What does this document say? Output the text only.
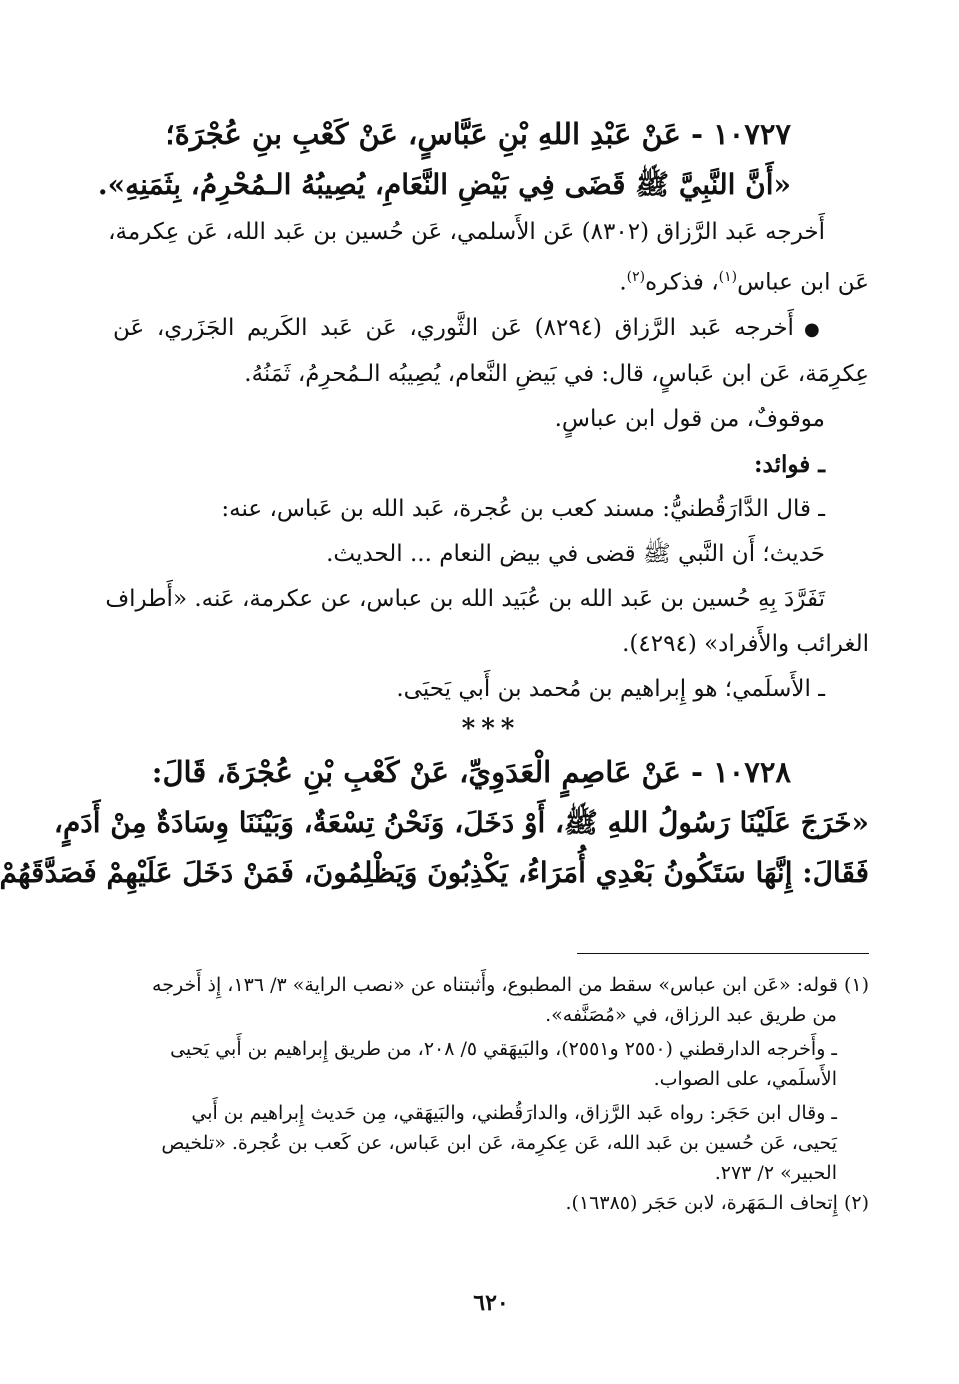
١٠٧٢٧ - عَنْ عَبْدِ اللهِ بْنِ عَبَّاسٍ، عَنْ كَعْبِ بنِ عُجْرَةَ؛
«أَنَّ النَّبِيَّ ﷺ قَضَى فِي بَيْضِ النَّعَامِ، يُصِيبُهُ الـمُحْرِمُ، بِثَمَنِهِ».
أَخرجه عَبد الرَّزاق (٨٣٠٢) عَن الأَسلمي، عَن حُسين بن عَبد الله، عَن عِكرمة،
عَن ابن عباس$^{(١)}$، فذكره$^{(٢)}$.
●أَخرجه عَبد الرَّزاق (٨٢٩٤) عَن الثَّوري، عَن عَبد الكَريم الجَزَري، عَن
عِكرِمَة، عَن ابن عَباسٍ، قال: في بَيضِ النَّعام، يُصِيبُه الـمُحرِمُ، ثَمَنُهُ.
موقوفٌ، من قول ابن عباسٍ.
ـ فوائد:
ـ قال الدَّارَقُطنيُّ: مسند كعب بن عُجرة، عَبد الله بن عَباس، عنه:
حَديث؛ أَن النَّبي ﷺ قضى في بيض النعام ... الحديث.
تَفَرَّدَ بِهِ حُسين بن عَبد الله بن عُبَيد الله بن عباس، عن عكرمة، عَنه. «أَطراف
الغرائب والأَفراد» (٤٢٩٤).
ـ الأَسلَمي؛ هو إِبراهيم بن مُحمد بن أَبي يَحيَى.
***
١٠٧٢٨ - عَنْ عَاصِمٍ الْعَدَوِيِّ، عَنْ كَعْبِ بْنِ عُجْرَةَ، قَالَ:
«خَرَجَ عَلَيْنَا رَسُولُ اللهِ ﷺ، أَوْ دَخَلَ، وَنَحْنُ تِسْعَةٌ، وَبَيْنَنَا وِسَادَةٌ مِنْ أَدَمٍ،
فَقَالَ: إِنَّهَا سَتَكُونُ بَعْدِي أُمَرَاءُ، يَكْذِبُونَ وَيَظْلِمُونَ، فَمَنْ دَخَلَ عَلَيْهِمْ فَصَدَّقَهُمْ
(١) قوله: «عَن ابن عباس» سقط من المطبوع، وأَثبتناه عن «نصب الراية» ٣/ ١٣٦، إِذ أَخرجه
من طريق عبد الرزاق، في «مُصَنَّفه».
ـ وأَخرجه الدارقطني (٢٥٥٠ و٢٥٥١)، والبَيهَقي ٥/ ٢٠٨، من طريق إِبراهيم بن أَبي يَحيى
الأَسلَمي، على الصواب.
ـ وقال ابن حَجَر: رواه عَبد الرَّزاق، والدارَقُطني، والبَيهَقي، مِن حَديث إِبراهيم بن أَبي
يَحيى، عَن حُسين بن عَبد الله، عَن عِكرِمة، عَن ابن عَباس، عن كَعب بن عُجرة. «تلخيص
الحبير» ٢/ ٢٧٣.
(٢) إِتحاف الـمَهَرة، لابن حَجَر (١٦٣٨٥).
٦٢٠
